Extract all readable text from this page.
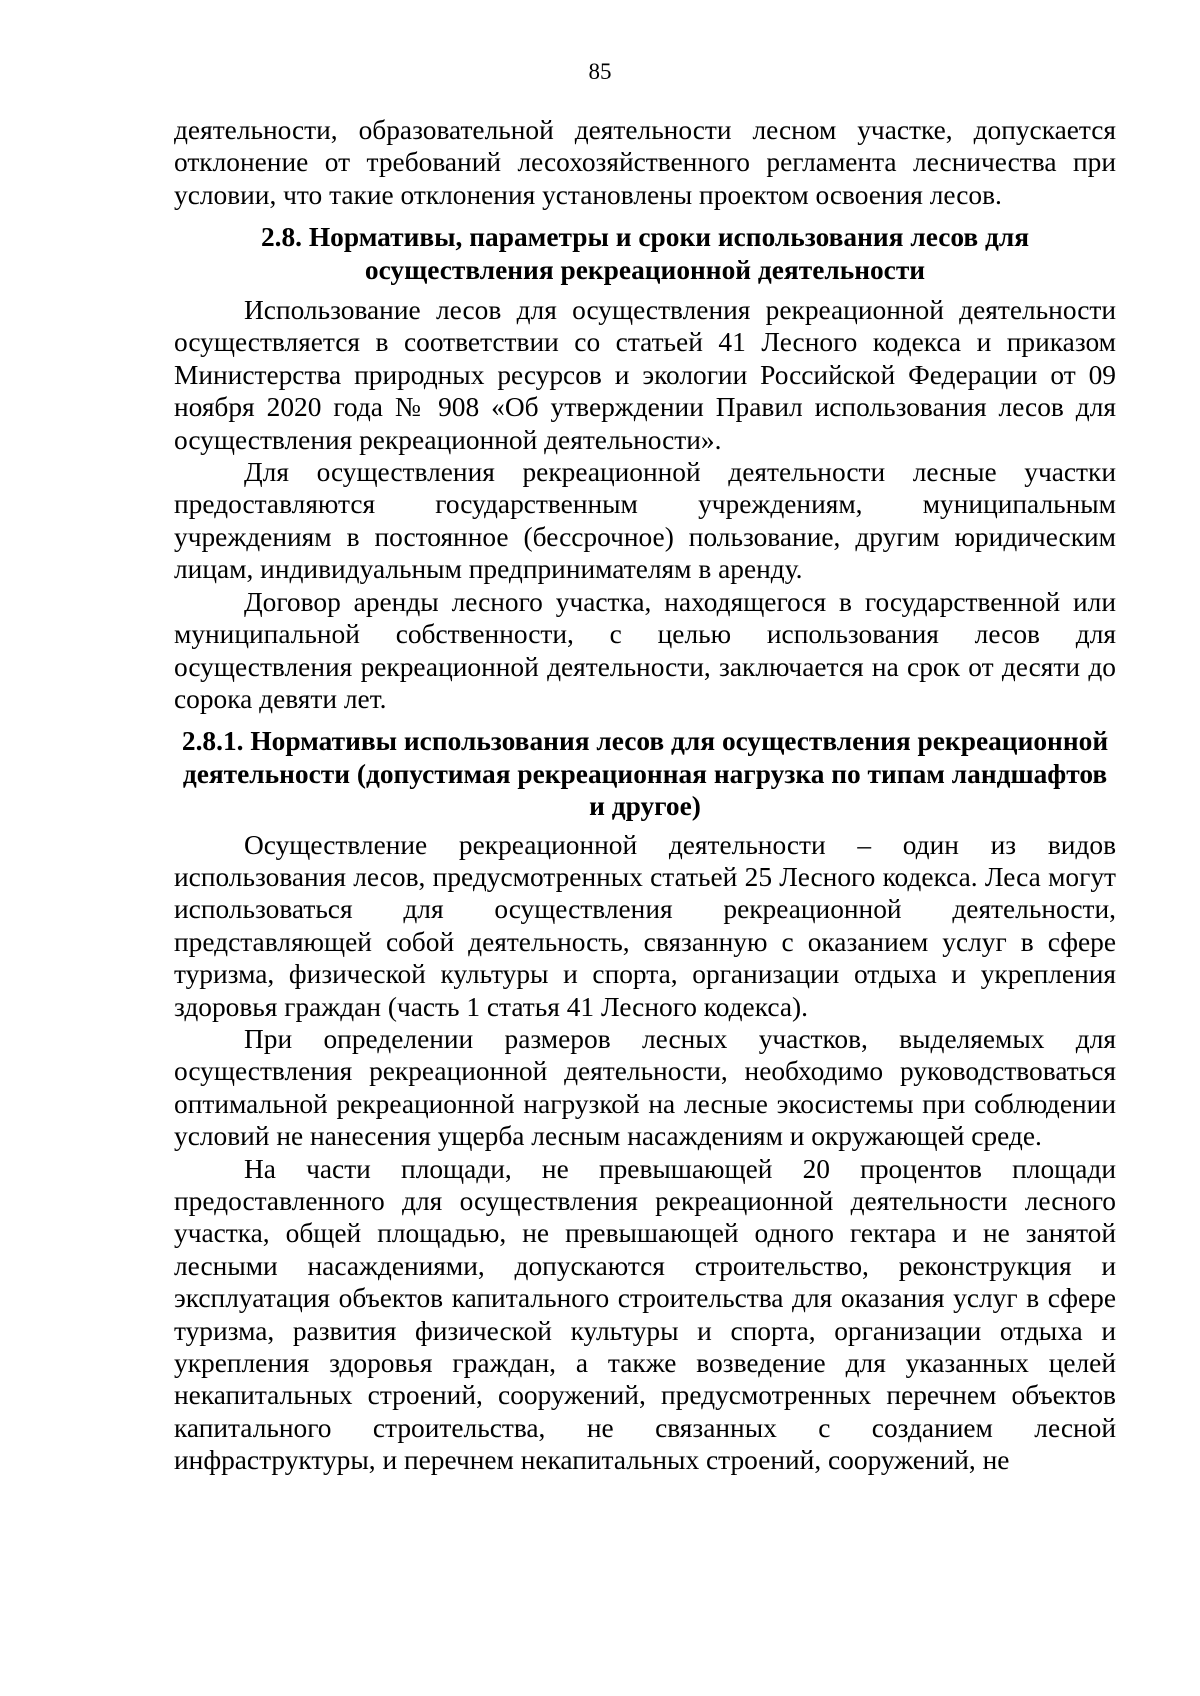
85

деятельности, образовательной деятельности лесном участке, допускается отклонение от требований лесохозяйственного регламента лесничества при условии, что такие отклонения установлены проектом освоения лесов.

2.8. Нормативы, параметры и сроки использования лесов для осуществления рекреационной деятельности

Использование лесов для осуществления рекреационной деятельности осуществляется в соответствии со статьей 41 Лесного кодекса и приказом Министерства природных ресурсов и экологии Российской Федерации от 09 ноября 2020 года № 908 «Об утверждении Правил использования лесов для осуществления рекреационной деятельности».

Для осуществления рекреационной деятельности лесные участки предоставляются государственным учреждениям, муниципальным учреждениям в постоянное (бессрочное) пользование, другим юридическим лицам, индивидуальным предпринимателям в аренду.

Договор аренды лесного участка, находящегося в государственной или муниципальной собственности, с целью использования лесов для осуществления рекреационной деятельности, заключается на срок от десяти до сорока девяти лет.

2.8.1. Нормативы использования лесов для осуществления рекреационной деятельности (допустимая рекреационная нагрузка по типам ландшафтов и другое)

Осуществление рекреационной деятельности – один из видов использования лесов, предусмотренных статьей 25 Лесного кодекса. Леса могут использоваться для осуществления рекреационной деятельности, представляющей собой деятельность, связанную с оказанием услуг в сфере туризма, физической культуры и спорта, организации отдыха и укрепления здоровья граждан (часть 1 статья 41 Лесного кодекса).

При определении размеров лесных участков, выделяемых для осуществления рекреационной деятельности, необходимо руководствоваться оптимальной рекреационной нагрузкой на лесные экосистемы при соблюдении условий не нанесения ущерба лесным насаждениям и окружающей среде.

На части площади, не превышающей 20 процентов площади предоставленного для осуществления рекреационной деятельности лесного участка, общей площадью, не превышающей одного гектара и не занятой лесными насаждениями, допускаются строительство, реконструкция и эксплуатация объектов капитального строительства для оказания услуг в сфере туризма, развития физической культуры и спорта, организации отдыха и укрепления здоровья граждан, а также возведение для указанных целей некапитальных строений, сооружений, предусмотренных перечнем объектов капитального строительства, не связанных с созданием лесной инфраструктуры, и перечнем некапитальных строений, сооружений, не
